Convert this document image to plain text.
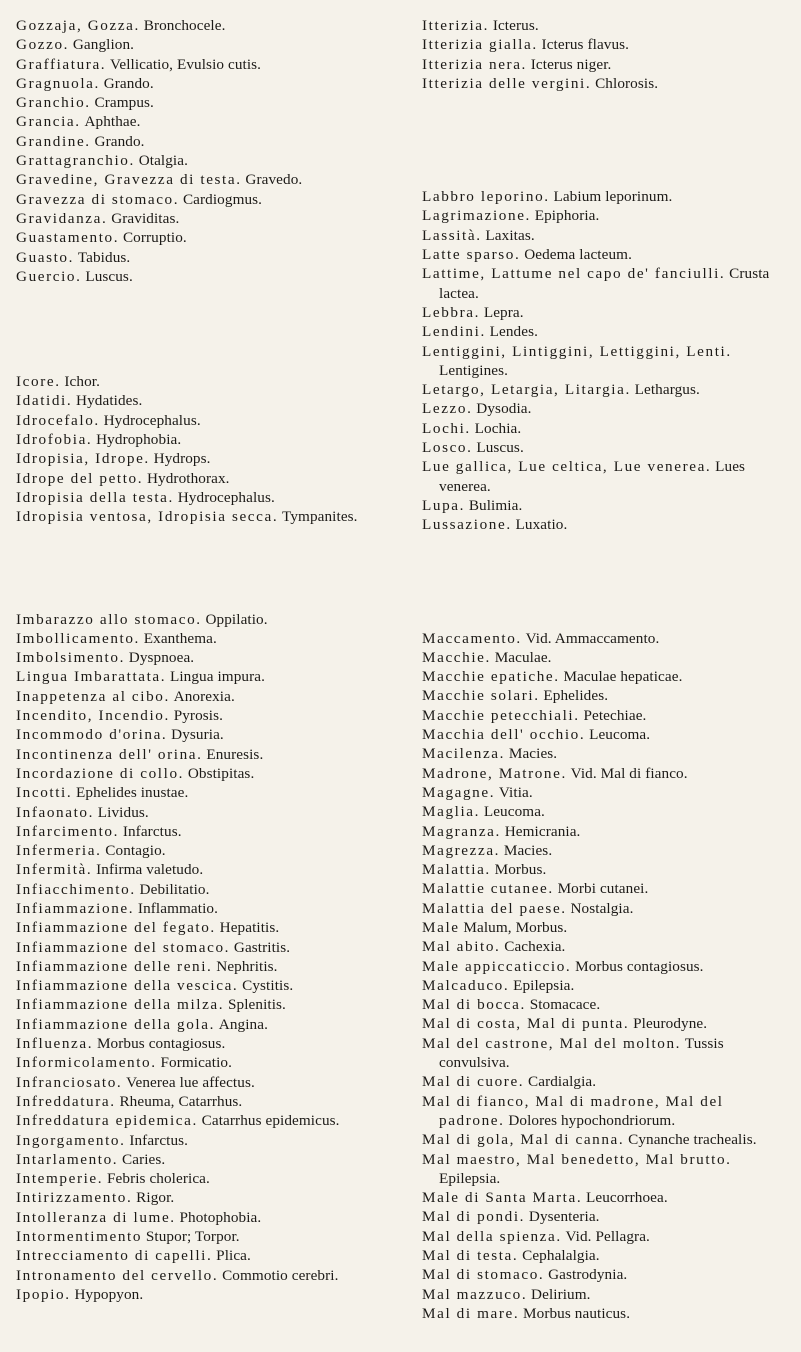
Gozzaja, Gozza. Bronchocele.
Gozzo. Ganglion.
Graffiatura. Vellicatio, Evulsio cutis.
Gragnuola. Grando.
Granchio. Crampus.
Grancia. Aphthae.
Grandine. Grando.
Grattagranchio. Otalgia.
Gravedine, Gravezza di testa. Gravedo.
Gravezza di stomaco. Cardiogmus.
Gravidanza. Graviditas.
Guastamento. Corruptio.
Guasto. Tabidus.
Guercio. Luscus.
Icore. Ichor.
Idatidi. Hydatides.
Idrocefalo. Hydrocephalus.
Idrofobia. Hydrophobia.
Idropisia, Idrope. Hydrops.
Idrope del petto. Hydrothorax.
Idropisia della testa. Hydrocephalus.
Idropisia ventosa, Idropisia secca. Tympanites.
Imbarazzo allo stomaco. Oppilatio.
Imbollicamento. Exanthema.
Imbolsimento. Dyspnoea.
Lingua Imbarattata. Lingua impura.
Inappetenza al cibo. Anorexia.
Incendito, Incendio. Pyrosis.
Incommodo d'orina. Dysuria.
Incontinenza dell' orina. Enuresis.
Incordazione di collo. Obstipitas.
Incotti. Ephelides inustae.
Infaonato. Lividus.
Infarcimento. Infarctus.
Infermeria. Contagio.
Infermità. Infirma valetudo.
Infiacchimento. Debilitatio.
Infiammazione. Inflammatio.
Infiammazione del fegato. Hepatitis.
Infiammazione del stomaco. Gastritis.
Infiammazione delle reni. Nephritis.
Infiammazione della vescica. Cystitis.
Infiammazione della milza. Splenitis.
Infiammazione della gola. Angina.
Influenza. Morbus contagiosus.
Informicolamento. Formicatio.
Infranciosato. Venerea lue affectus.
Infreddatura. Rheuma, Catarrhus.
Infreddatura epidemica. Catarrhus epidemicus.
Ingorgamento. Infarctus.
Intarlamento. Caries.
Intemperie. Febris cholerica.
Intirizzamento. Rigor.
Intolleranza di lume. Photophobia.
Intormentimento Stupor; Torpor.
Intrecciamento di capelli. Plica.
Intronamento del cervello. Commotio cerebri.
Ipopio. Hypopyon.
Itterizia. Icterus.
Itterizia gialla. Icterus flavus.
Itterizia nera. Icterus niger.
Itterizia delle vergini. Chlorosis.
Labbro leporino. Labium leporinum.
Lagrimazione. Epiphoria.
Lassità. Laxitas.
Latte sparso. Oedema lacteum.
Lattime, Lattume nel capo de' fanciulli. Crusta lactea.
Lebbra. Lepra.
Lendini. Lendes.
Lentiggini, Lintiggini, Lettiggini, Lenti. Lentigines.
Letargo, Letargia, Litargia. Lethargus.
Lezzo. Dysodia.
Lochi. Lochia.
Losco. Luscus.
Lue gallica, Lue celtica, Lue venerea. Lues venerea.
Lupa. Bulimia.
Lussazione. Luxatio.
Maccamento. Vid. Ammaccamento.
Macchie. Maculae.
Macchie epatiche. Maculae hepaticae.
Macchie solari. Ephelides.
Macchie petecchiali. Petechiae.
Macchia dell' occhio. Leucoma.
Macilenza. Macies.
Madrone, Matrone. Vid. Mal di fianco.
Magagne. Vitia.
Maglia. Leucoma.
Magranza. Hemicrania.
Magrezza. Macies.
Malattia. Morbus.
Malattie cutanee. Morbi cutanei.
Malattia del paese. Nostalgia.
Male Malum, Morbus.
Mal abito. Cachexia.
Male appiccaticcio. Morbus contagiosus.
Malcaduco. Epilepsia.
Mal di bocca. Stomacace.
Mal di costa, Mal di punta. Pleurodyne.
Mal del castrone, Mal del molton. Tussis convulsiva.
Mal di cuore. Cardialgia.
Mal di fianco, Mal di madrone, Mal del padrone. Dolores hypochondriorum.
Mal di gola, Mal di canna. Cynanche trachealis.
Mal maestro, Mal benedetto, Mal brutto. Epilepsia.
Male di Santa Marta. Leucorrhoea.
Mal di pondi. Dysenteria.
Mal della spienza. Vid. Pellagra.
Mal di testa. Cephalalgia.
Mal di stomaco. Gastrodynia.
Mal mazzuco. Delirium.
Mal di mare. Morbus nauticus.
